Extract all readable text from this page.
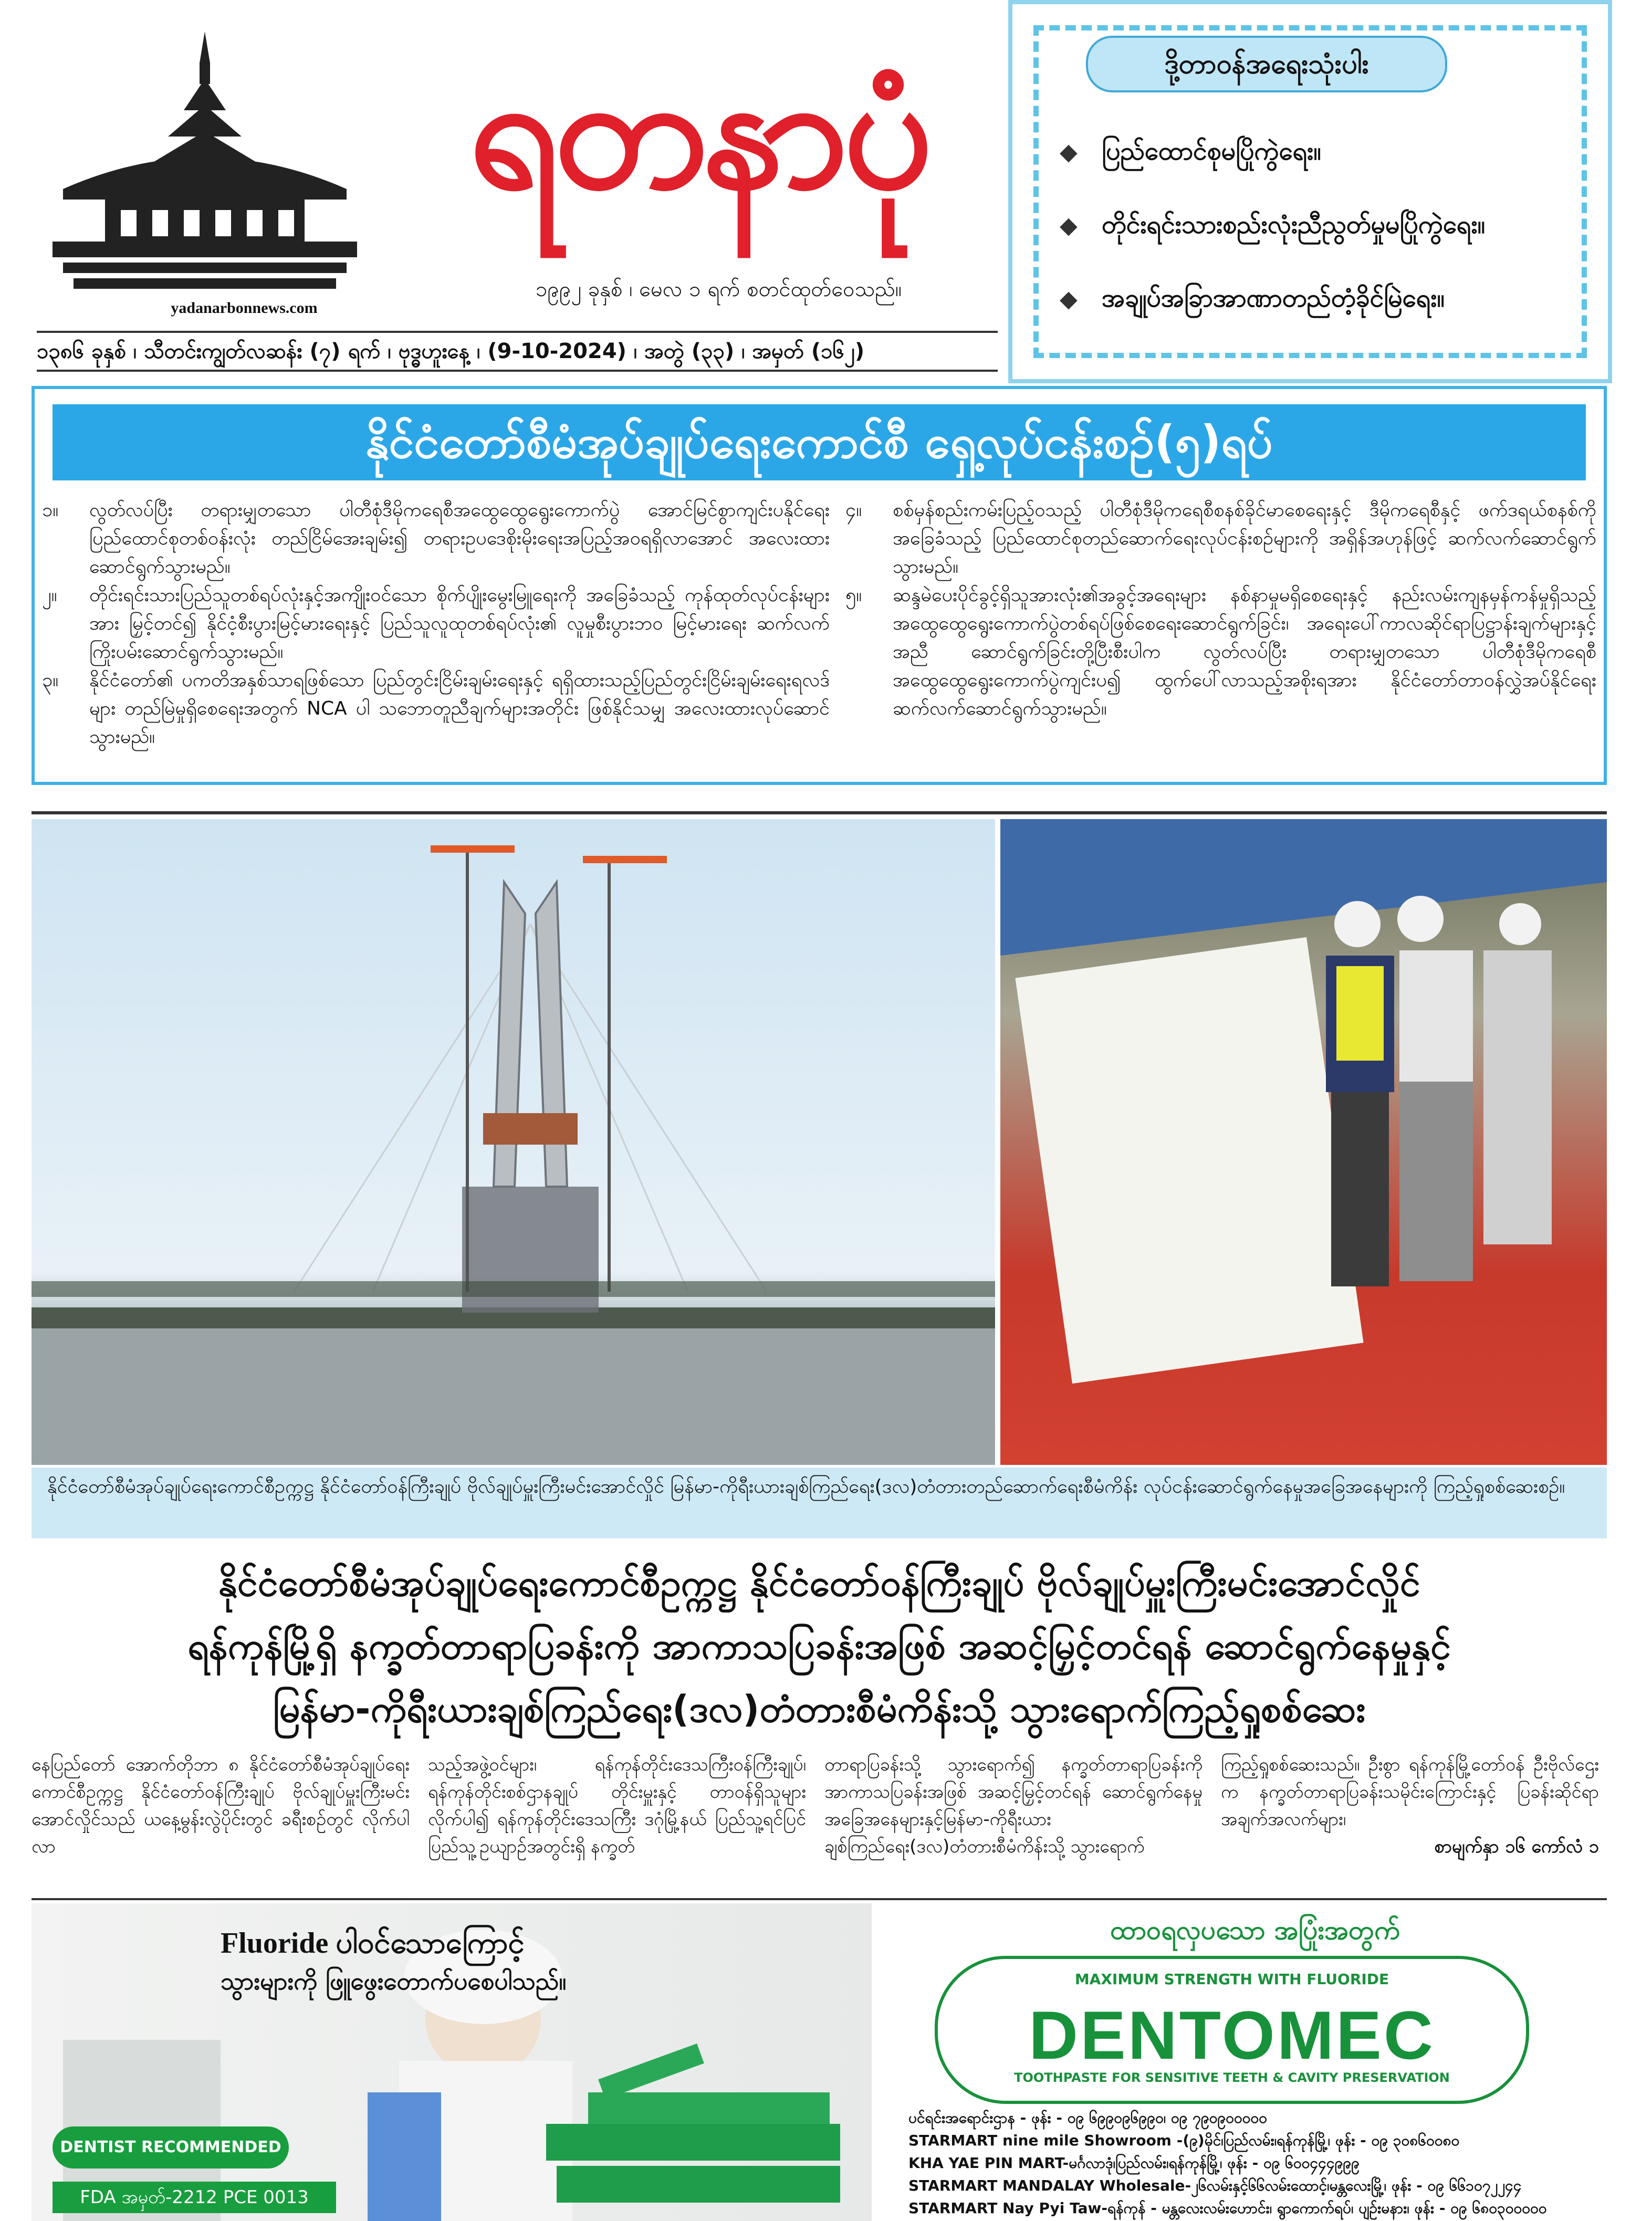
ရတနာပုံ
yadanarbonnews.com
၁၉၉၂ ခုနှစ် ၊ မေလ ၁ ရက် စတင်ထုတ်ဝေသည်။
၁၃၈၆ ခုနှစ် ၊ သီတင်းကျွတ်လဆန်း (၇) ရက် ၊ ဗုဒ္ဓဟူးနေ့ ၊ (9-10-2024) ၊ အတွဲ (၃၃) ၊ အမှတ် (၁၆၂)
ဒို့တာဝန်အရေးသုံးပါး
◆ ပြည်ထောင်စုမပြိုကွဲရေး။
◆ တိုင်းရင်းသားစည်းလုံးညီညွတ်မှုမပြိုကွဲရေး။
◆ အချုပ်အခြာအာဏာတည်တံ့ခိုင်မြဲရေး။
နိုင်ငံတော်စီမံအုပ်ချုပ်ရေးကောင်စီ ရှေ့လုပ်ငန်းစဉ်(၅)ရပ်
၁။	လွတ်လပ်ပြီး တရားမျှတသော ပါတီစုံဒီမိုကရေစီအထွေထွေရွေးကောက်ပွဲ အောင်မြင်စွာကျင်းပနိုင်ရေး ပြည်ထောင်စုတစ်ဝန်းလုံး တည်ငြိမ်အေးချမ်း၍ တရားဥပဒေစိုးမိုးရေးအပြည့်အဝရရှိလာအောင် အလေးထားဆောင်ရွက်သွားမည်။
၂။	တိုင်းရင်းသားပြည်သူတစ်ရပ်လုံးနှင့်အကျိုးဝင်သော စိုက်ပျိုးမွေးမြူရေးကို အခြေခံသည့် ကုန်ထုတ်လုပ်ငန်းများအား မြှင့်တင်၍ နိုင်ငံ့စီးပွားမြင့်မားရေးနှင့် ပြည်သူလူထုတစ်ရပ်လုံး၏ လူမှုစီးပွားဘဝ မြင့်မားရေး ဆက်လက်ကြိုးပမ်းဆောင်ရွက်သွားမည်။
၃။	နိုင်ငံတော်၏ ပကတိအနှစ်သာရဖြစ်သော ပြည်တွင်းငြိမ်းချမ်းရေးနှင့် ရရှိထားသည့်ပြည်တွင်းငြိမ်းချမ်းရေးရလဒ်များ တည်မြဲမှုရှိစေရေးအတွက် NCA ပါ သဘောတူညီချက်များအတိုင်း ဖြစ်နိုင်သမျှ အလေးထားလုပ်ဆောင်သွားမည်။
၄။	စစ်မှန်စည်းကမ်းပြည့်ဝသည့် ပါတီစုံဒီမိုကရေစီစနစ်ခိုင်မာစေရေးနှင့် ဒီမိုကရေစီနှင့် ဖက်ဒရယ်စနစ်ကို အခြေခံသည့် ပြည်ထောင်စုတည်ဆောက်ရေးလုပ်ငန်းစဉ်များကို အရှိန်အဟုန်ဖြင့် ဆက်လက်ဆောင်ရွက်သွားမည်။
၅။	ဆန္ဒမဲပေးပိုင်ခွင့်ရှိသူအားလုံး၏အခွင့်အရေးများ နစ်နာမှုမရှိစေရေးနှင့် နည်းလမ်းကျနမှန်ကန်မှုရှိသည့် အထွေထွေရွေးကောက်ပွဲတစ်ရပ်ဖြစ်စေရေးဆောင်ရွက်ခြင်း၊ အရေးပေါ်ကာလဆိုင်ရာပြဋ္ဌာန်းချက်များနှင့်အညီ ဆောင်ရွက်ခြင်းတို့ပြီးစီးပါက လွတ်လပ်ပြီး တရားမျှတသော ပါတီစုံဒီမိုကရေစီအထွေထွေရွေးကောက်ပွဲကျင်းပ၍ ထွက်ပေါ်လာသည့်အစိုးရအား နိုင်ငံတော်တာဝန်လွှဲအပ်နိုင်ရေး ဆက်လက်ဆောင်ရွက်သွားမည်။
နိုင်ငံတော်စီမံအုပ်ချုပ်ရေးကောင်စီဥက္ကဋ္ဌ နိုင်ငံတော်ဝန်ကြီးချုပ် ဗိုလ်ချုပ်မှူးကြီးမင်းအောင်လှိုင် မြန်မာ-ကိုရီးယားချစ်ကြည်ရေး(ဒလ)တံတားတည်ဆောက်ရေးစီမံကိန်း လုပ်ငန်းဆောင်ရွက်နေမှုအခြေအနေများကို ကြည့်ရှုစစ်ဆေးစဉ်။
နိုင်ငံတော်စီမံအုပ်ချုပ်ရေးကောင်စီဥက္ကဋ္ဌ နိုင်ငံတော်ဝန်ကြီးချုပ် ဗိုလ်ချုပ်မှူးကြီးမင်းအောင်လှိုင်
ရန်ကုန်မြို့ရှိ နက္ခတ်တာရာပြခန်းကို အာကာသပြခန်းအဖြစ် အဆင့်မြှင့်တင်ရန် ဆောင်ရွက်နေမှုနှင့်
မြန်မာ-ကိုရီးယားချစ်ကြည်ရေး(ဒလ)တံတားစီမံကိန်းသို့ သွားရောက်ကြည့်ရှုစစ်ဆေး
နေပြည်တော် အောက်တိုဘာ ၈ နိုင်ငံတော်စီမံအုပ်ချုပ်ရေးကောင်စီဥက္ကဋ္ဌ နိုင်ငံတော်ဝန်ကြီးချုပ် ဗိုလ်ချုပ်မှူးကြီးမင်းအောင်လှိုင်သည် ယနေ့မွန်းလွဲပိုင်းတွင် ခရီးစဉ်တွင် လိုက်ပါလာ
သည့်အဖွဲ့ဝင်များ၊ ရန်ကုန်တိုင်းဒေသကြီးဝန်ကြီးချုပ်၊ ရန်ကုန်တိုင်းစစ်ဌာနချုပ် တိုင်းမှူးနှင့် တာဝန်ရှိသူများလိုက်ပါ၍ ရန်ကုန်တိုင်းဒေသကြီး ဒဂုံမြို့နယ် ပြည်သူ့ရင်ပြင်ပြည်သူ့ဥယျာဉ်အတွင်းရှိ နက္ခတ်
တာရာပြခန်းသို့ သွားရောက်၍ နက္ခတ်တာရာပြခန်းကို အာကာသပြခန်းအဖြစ် အဆင့်မြှင့်တင်ရန် ဆောင်ရွက်နေမှုအခြေအနေများနှင့်မြန်မာ-ကိုရီးယားချစ်ကြည်ရေး(ဒလ)တံတားစီမံကိန်းသို့ သွားရောက်
ကြည့်ရှုစစ်ဆေးသည်။ ဦးစွာ ရန်ကုန်မြို့တော်ဝန် ဦးဗိုလ်ဌေးက နက္ခတ်တာရာပြခန်းသမိုင်းကြောင်းနှင့် ပြခန်းဆိုင်ရာအချက်အလက်များ၊

စာမျက်နှာ ၁၆ ကော်လံ ၁
Fluoride ပါဝင်သောကြောင့်
သွားများကို ဖြူဖွေးတောက်ပစေပါသည်။
DENTIST RECOMMENDED
FDA အမှတ်-2212 PCE 0013
ထာဝရလှပသော အပြုံးအတွက်
MAXIMUM STRENGTH WITH FLUORIDE
DENTOMEC
TOOTHPASTE FOR SENSITIVE TEETH & CAVITY PRESERVATION
ပင်ရင်းအရောင်းဌာန - ဖုန်း - ၀၉ ၆၉၉၀၉၆၉၉၀၊ ၀၉ ၇၉၀၉၀၀၀၀၀
STARMART nine mile Showroom -(၉)မိုင်၊ပြည်လမ်း၊ရန်ကုန်မြို့၊ ဖုန်း - ၀၉ ၃၀၈၆၀၀၈၀
KHA YAE PIN MART-မင်္ဂလာဒုံ၊ပြည်လမ်း၊ရန်ကုန်မြို့၊ ဖုန်း - ၀၉ ၆၀၀၄၄၄၉၉၉
STARMART MANDALAY Wholesale-၂၆လမ်းနှင့်၆၆လမ်းထောင့်၊မန္တလေးမြို့၊ ဖုန်း - ၀၉ ၆၆၁၀၇၂၂၄၄
STARMART Nay Pyi Taw-ရန်ကုန် - မန္တလေးလမ်းဟောင်း၊ ရွာကောက်ရပ်၊ ပျဉ်းမနား၊ ဖုန်း - ၀၉ ၆၈၀၃၀၀၀၀၀
